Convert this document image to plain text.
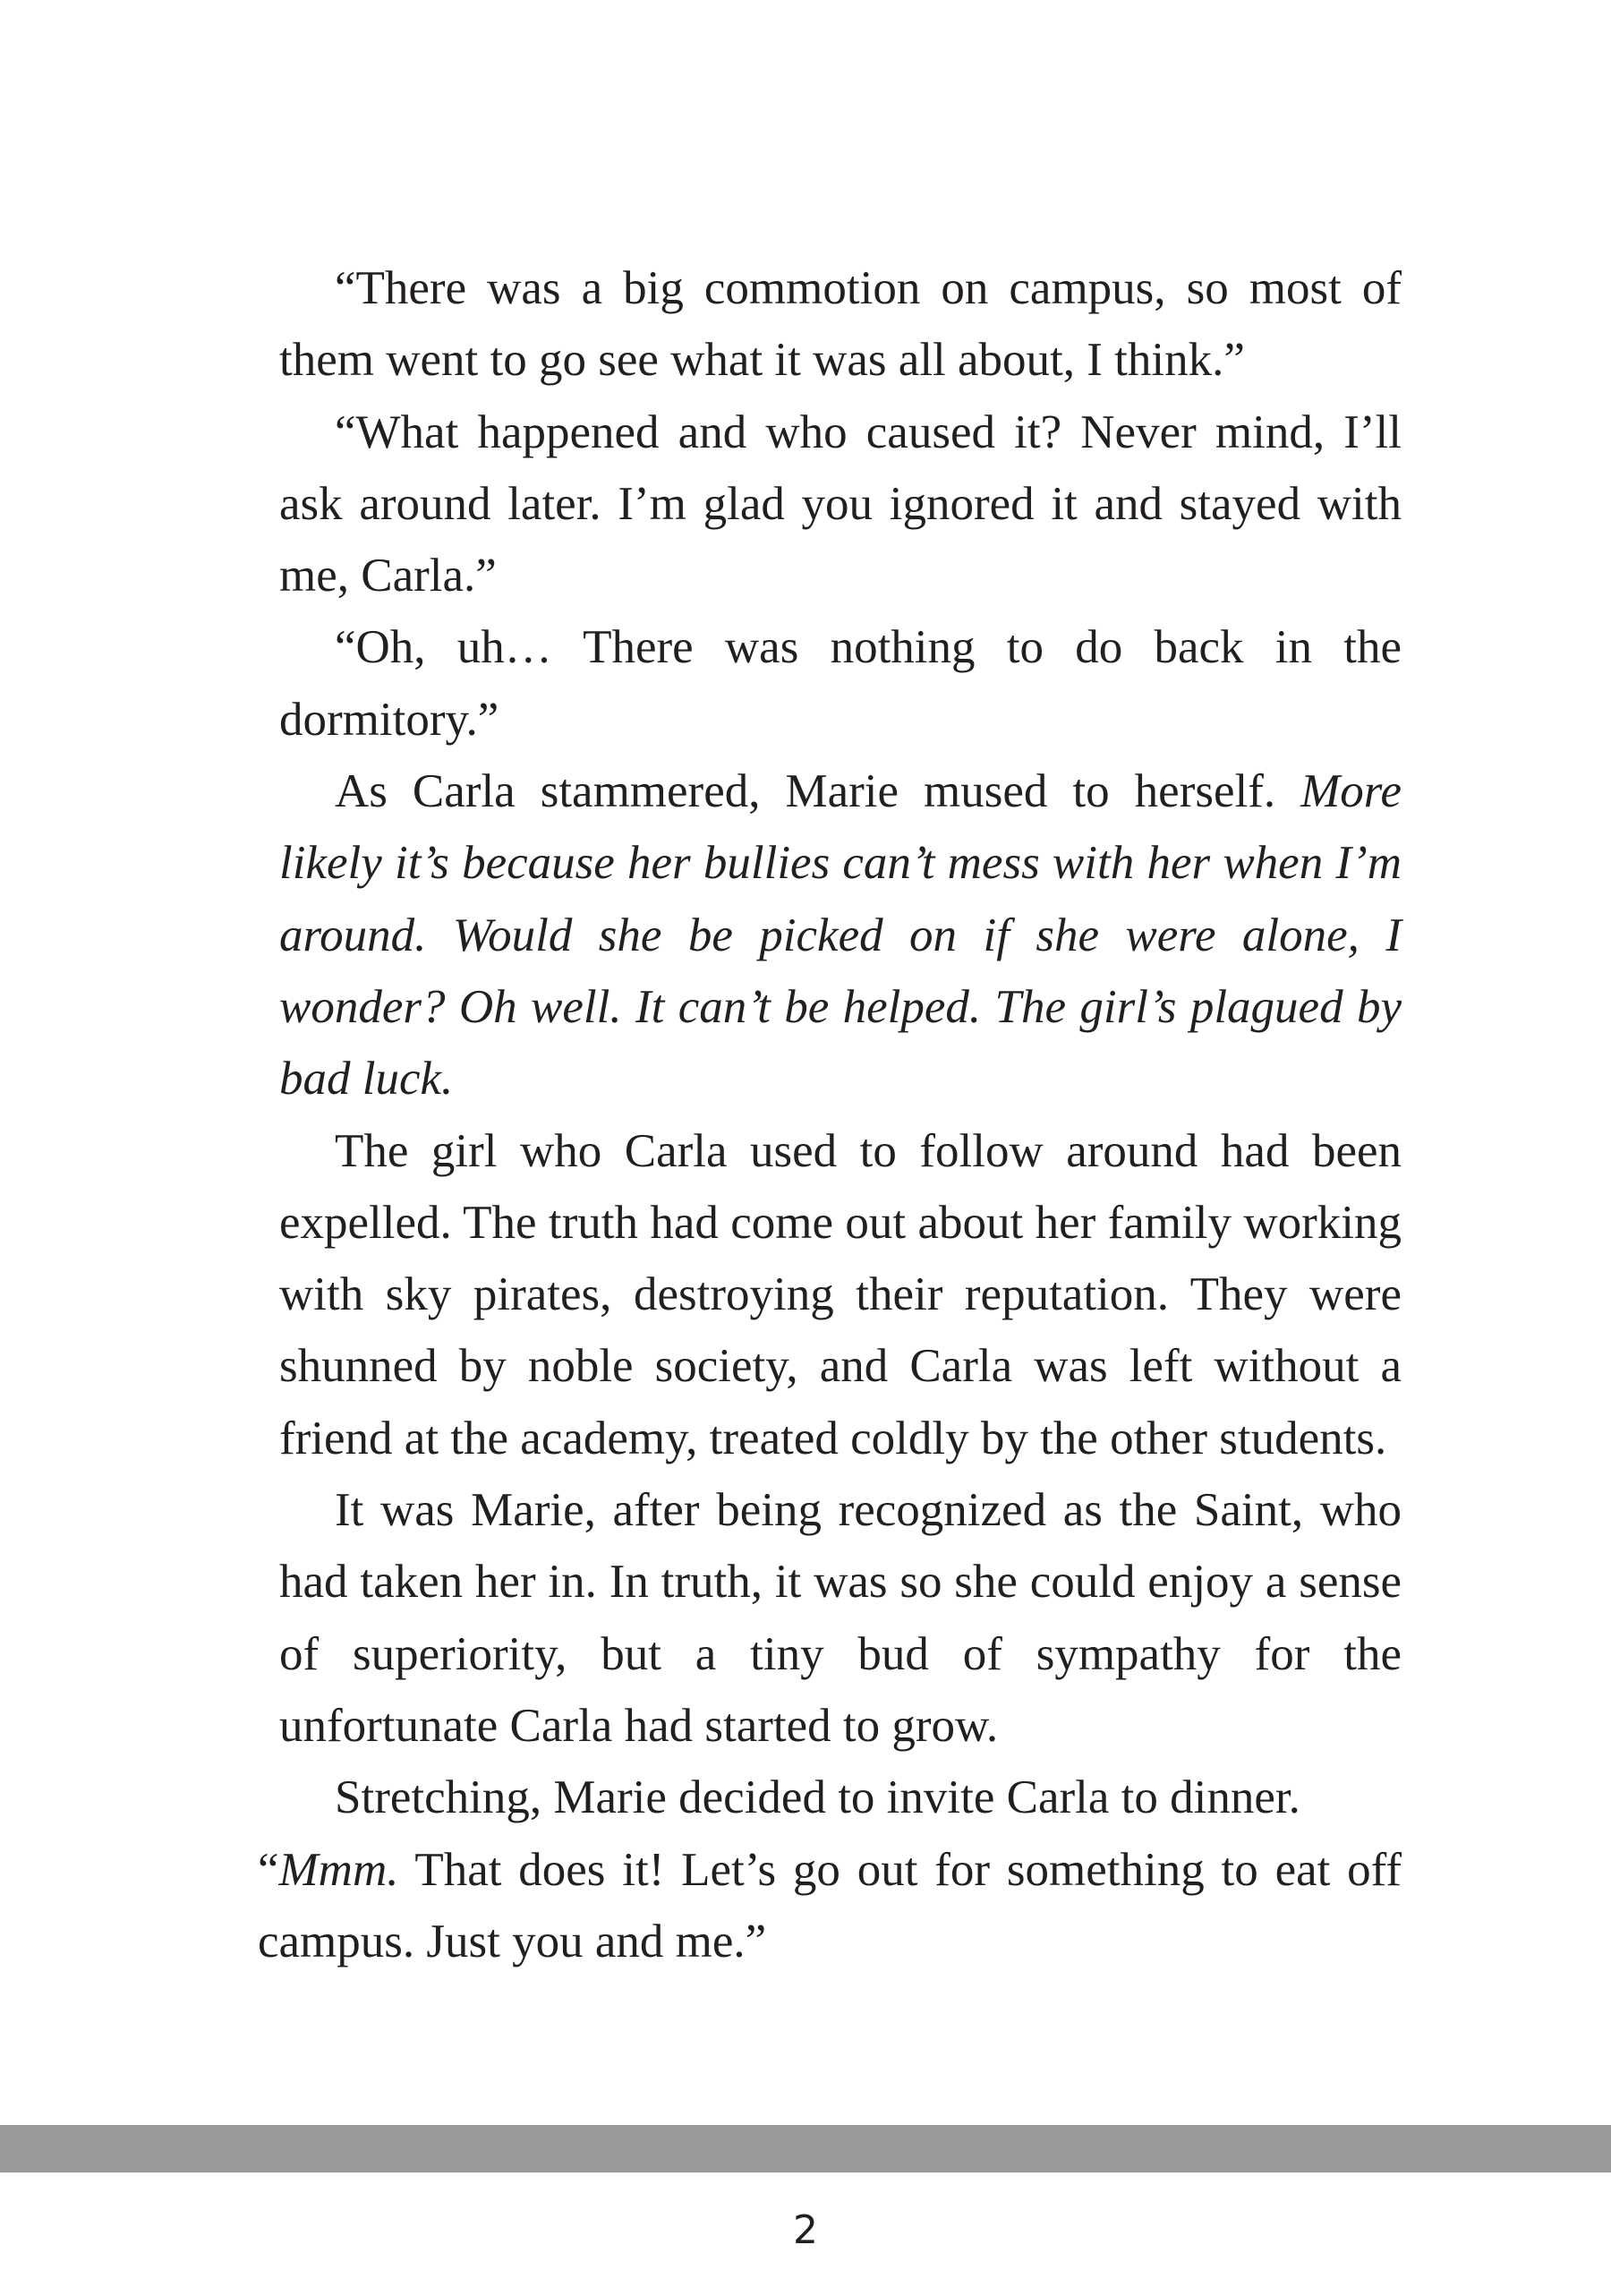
“There was a big commotion on campus, so most of them went to go see what it was all about, I think.”

“What happened and who caused it? Never mind, I’ll ask around later. I’m glad you ignored it and stayed with me, Carla.”

“Oh, uh… There was nothing to do back in the dormitory.”

As Carla stammered, Marie mused to herself. More likely it’s because her bullies can’t mess with her when I’m around. Would she be picked on if she were alone, I wonder? Oh well. It can’t be helped. The girl’s plagued by bad luck.

The girl who Carla used to follow around had been expelled. The truth had come out about her family working with sky pirates, destroying their reputation. They were shunned by noble society, and Carla was left without a friend at the academy, treated coldly by the other students.

It was Marie, after being recognized as the Saint, who had taken her in. In truth, it was so she could enjoy a sense of superiority, but a tiny bud of sympathy for the unfortunate Carla had started to grow.

Stretching, Marie decided to invite Carla to dinner.

“Mmm. That does it! Let’s go out for something to eat off campus. Just you and me.”

2
